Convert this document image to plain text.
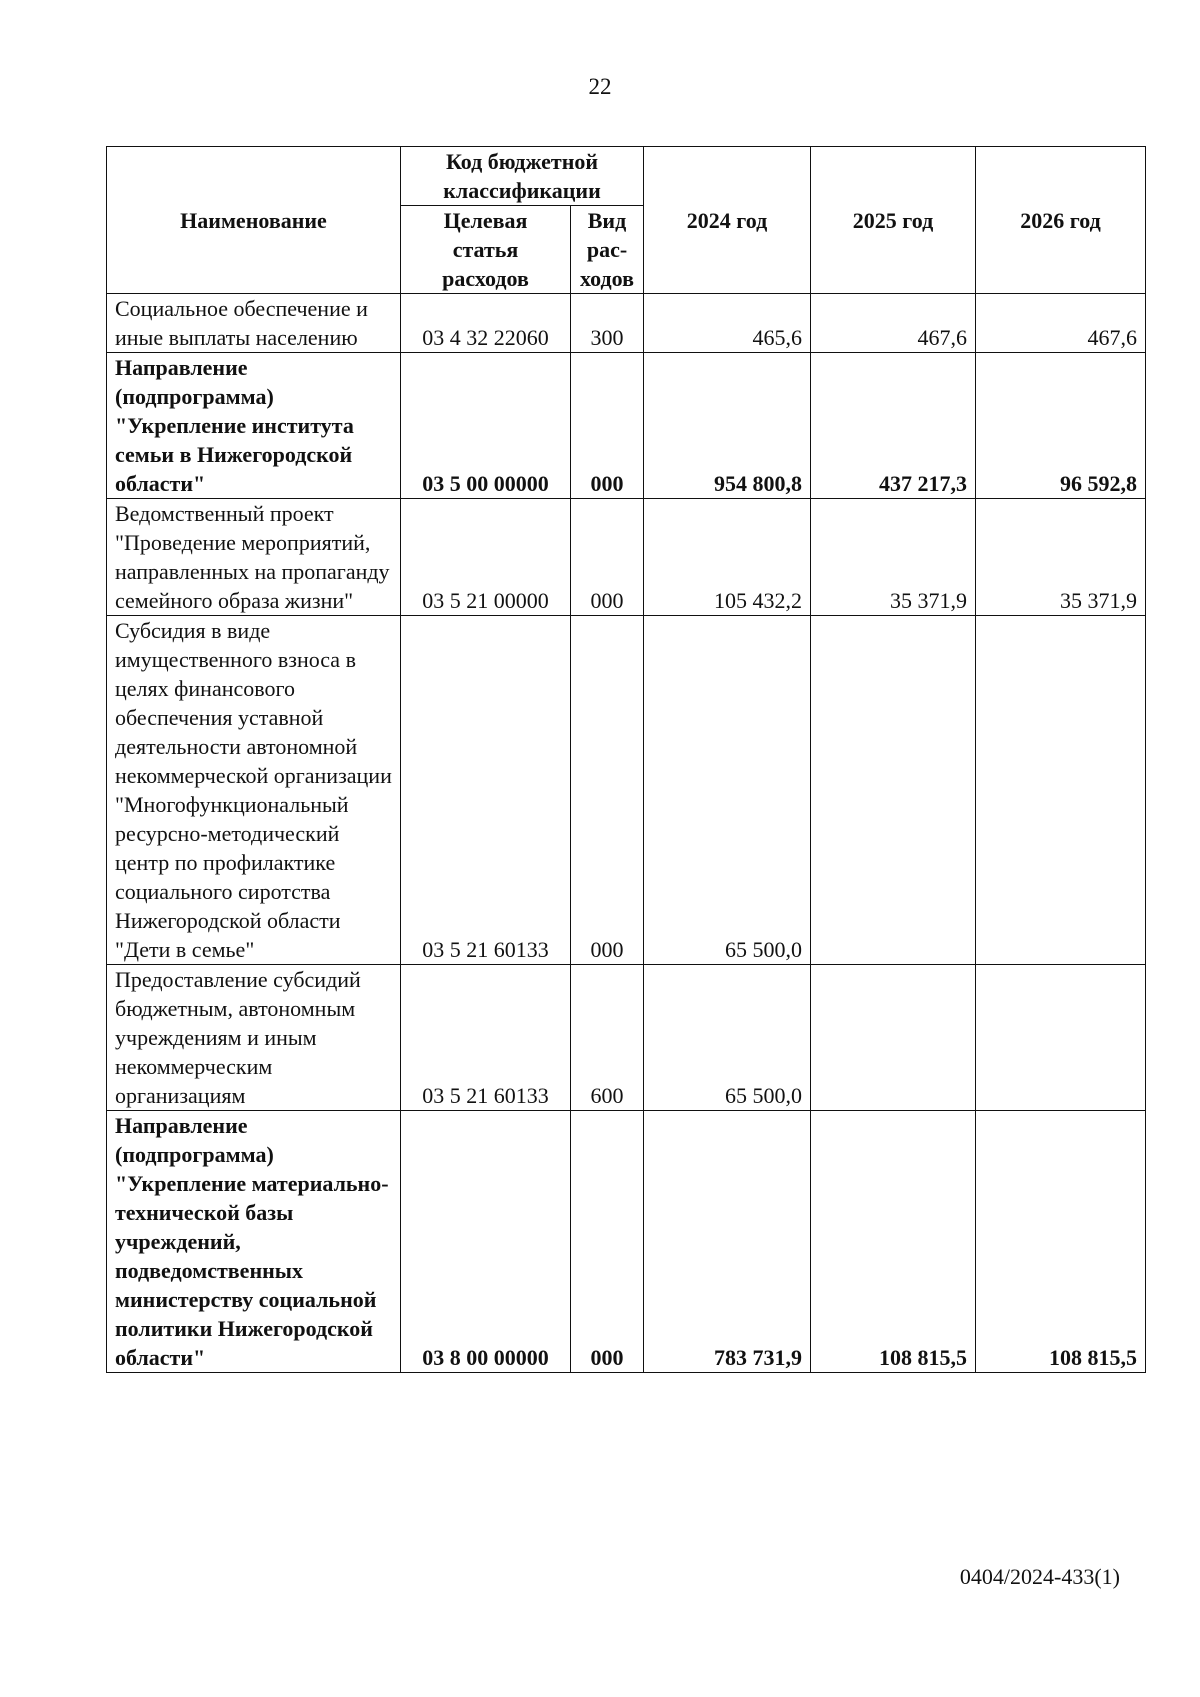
22
Наименование	Код бюджетной классификации		2024 год	2025 год	2026 год
	Целевая статья расходов	Вид рас- ходов			
Социальное обеспечение и иные выплаты населению	03 4 32 22060	300	465,6	467,6	467,6
Направление (подпрограмма) "Укрепление института семьи в Нижегородской области"	03 5 00 00000	000	954 800,8	437 217,3	96 592,8
Ведомственный проект "Проведение мероприятий, направленных на пропаганду семейного образа жизни"	03 5 21 00000	000	105 432,2	35 371,9	35 371,9
Субсидия в виде имущественного взноса в целях финансового обеспечения уставной деятельности автономной некоммерческой организации "Многофункциональный ресурсно-методический центр по профилактике социального сиротства Нижегородской области "Дети в семье"	03 5 21 60133	000	65 500,0		
Предоставление субсидий бюджетным, автономным учреждениям и иным некоммерческим организациям	03 5 21 60133	600	65 500,0		
Направление (подпрограмма) "Укрепление материально-технической базы учреждений, подведомственных министерству социальной политики Нижегородской области"	03 8 00 00000	000	783 731,9	108 815,5	108 815,5
0404/2024-433(1)
